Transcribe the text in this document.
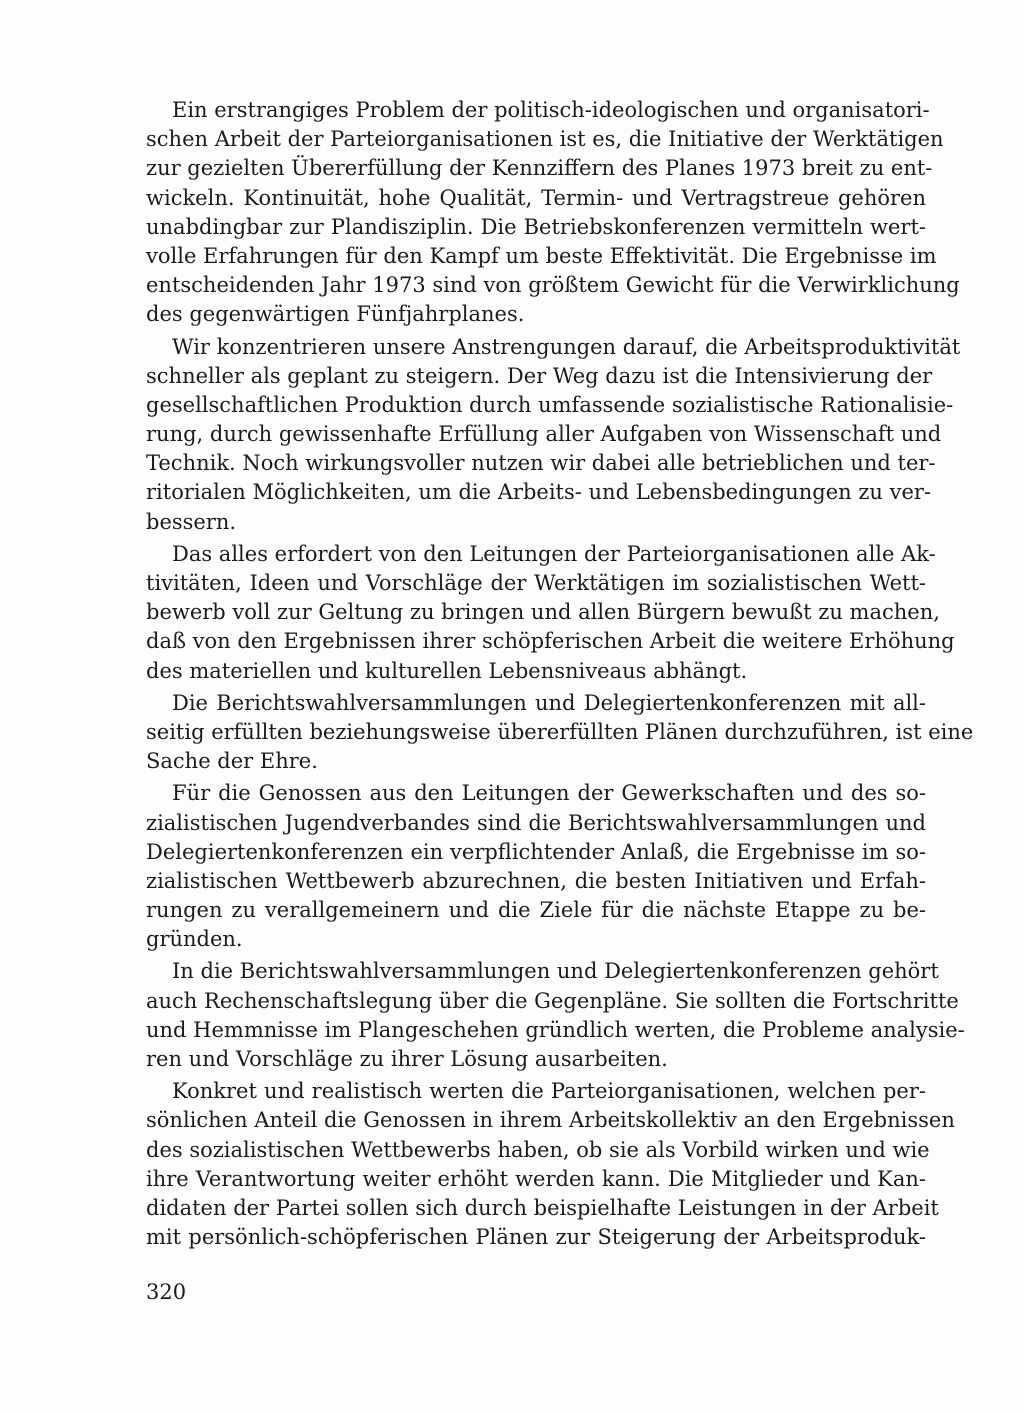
Ein erstrangiges Problem der politisch-ideologischen und organisatori-
schen Arbeit der Parteiorganisationen ist es, die Initiative der Werktätigen
zur gezielten Übererfüllung der Kennziffern des Planes 1973 breit zu ent-
wickeln. Kontinuität, hohe Qualität, Termin- und Vertragstreue gehören
unabdingbar zur Plandisziplin. Die Betriebskonferenzen vermitteln wert-
volle Erfahrungen für den Kampf um beste Effektivität. Die Ergebnisse im
entscheidenden Jahr 1973 sind von größtem Gewicht für die Verwirklichung
des gegenwärtigen Fünfjahrplanes.
Wir konzentrieren unsere Anstrengungen darauf, die Arbeitsproduktivität
schneller als geplant zu steigern. Der Weg dazu ist die Intensivierung der
gesellschaftlichen Produktion durch umfassende sozialistische Rationalisie-
rung, durch gewissenhafte Erfüllung aller Aufgaben von Wissenschaft und
Technik. Noch wirkungsvoller nutzen wir dabei alle betrieblichen und ter-
ritorialen Möglichkeiten, um die Arbeits- und Lebensbedingungen zu ver-
bessern.
Das alles erfordert von den Leitungen der Parteiorganisationen alle Ak-
tivitäten, Ideen und Vorschläge der Werktätigen im sozialistischen Wett-
bewerb voll zur Geltung zu bringen und allen Bürgern bewußt zu machen,
daß von den Ergebnissen ihrer schöpferischen Arbeit die weitere Erhöhung
des materiellen und kulturellen Lebensniveaus abhängt.
Die Berichtswahlversammlungen und Delegiertenkonferenzen mit all-
seitig erfüllten beziehungsweise übererfüllten Plänen durchzuführen, ist eine
Sache der Ehre.
Für die Genossen aus den Leitungen der Gewerkschaften und des so-
zialistischen Jugendverbandes sind die Berichtswahlversammlungen und
Delegiertenkonferenzen ein verpflichtender Anlaß, die Ergebnisse im so-
zialistischen Wettbewerb abzurechnen, die besten Initiativen und Erfah-
rungen zu verallgemeinern und die Ziele für die nächste Etappe zu be-
gründen.
In die Berichtswahlversammlungen und Delegiertenkonferenzen gehört
auch Rechenschaftslegung über die Gegenpläne. Sie sollten die Fortschritte
und Hemmnisse im Plangeschehen gründlich werten, die Probleme analysie-
ren und Vorschläge zu ihrer Lösung ausarbeiten.
Konkret und realistisch werten die Parteiorganisationen, welchen per-
sönlichen Anteil die Genossen in ihrem Arbeitskollektiv an den Ergebnissen
des sozialistischen Wettbewerbs haben, ob sie als Vorbild wirken und wie
ihre Verantwortung weiter erhöht werden kann. Die Mitglieder und Kan-
didaten der Partei sollen sich durch beispielhafte Leistungen in der Arbeit
mit persönlich-schöpferischen Plänen zur Steigerung der Arbeitsproduk-
320
